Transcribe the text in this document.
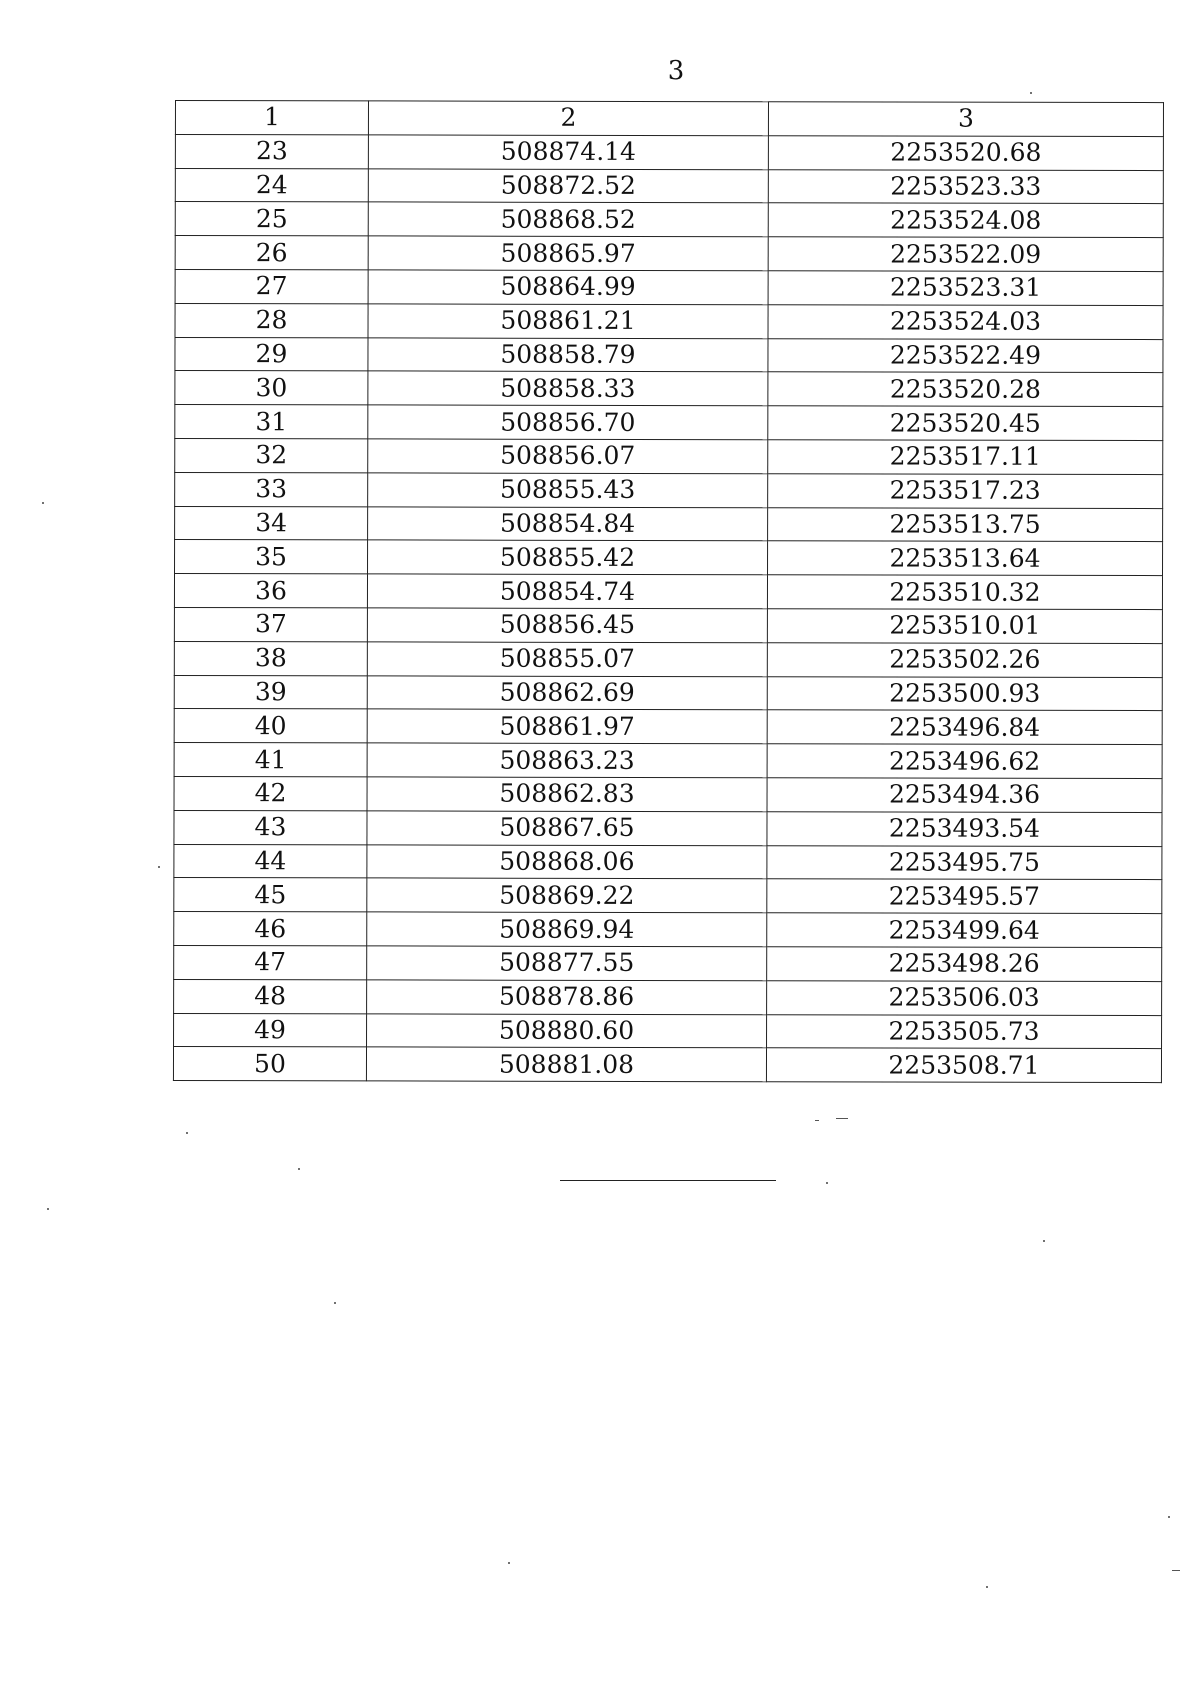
3
1	2	3
23	508874.14	2253520.68
24	508872.52	2253523.33
25	508868.52	2253524.08
26	508865.97	2253522.09
27	508864.99	2253523.31
28	508861.21	2253524.03
29	508858.79	2253522.49
30	508858.33	2253520.28
31	508856.70	2253520.45
32	508856.07	2253517.11
33	508855.43	2253517.23
34	508854.84	2253513.75
35	508855.42	2253513.64
36	508854.74	2253510.32
37	508856.45	2253510.01
38	508855.07	2253502.26
39	508862.69	2253500.93
40	508861.97	2253496.84
41	508863.23	2253496.62
42	508862.83	2253494.36
43	508867.65	2253493.54
44	508868.06	2253495.75
45	508869.22	2253495.57
46	508869.94	2253499.64
47	508877.55	2253498.26
48	508878.86	2253506.03
49	508880.60	2253505.73
50	508881.08	2253508.71
